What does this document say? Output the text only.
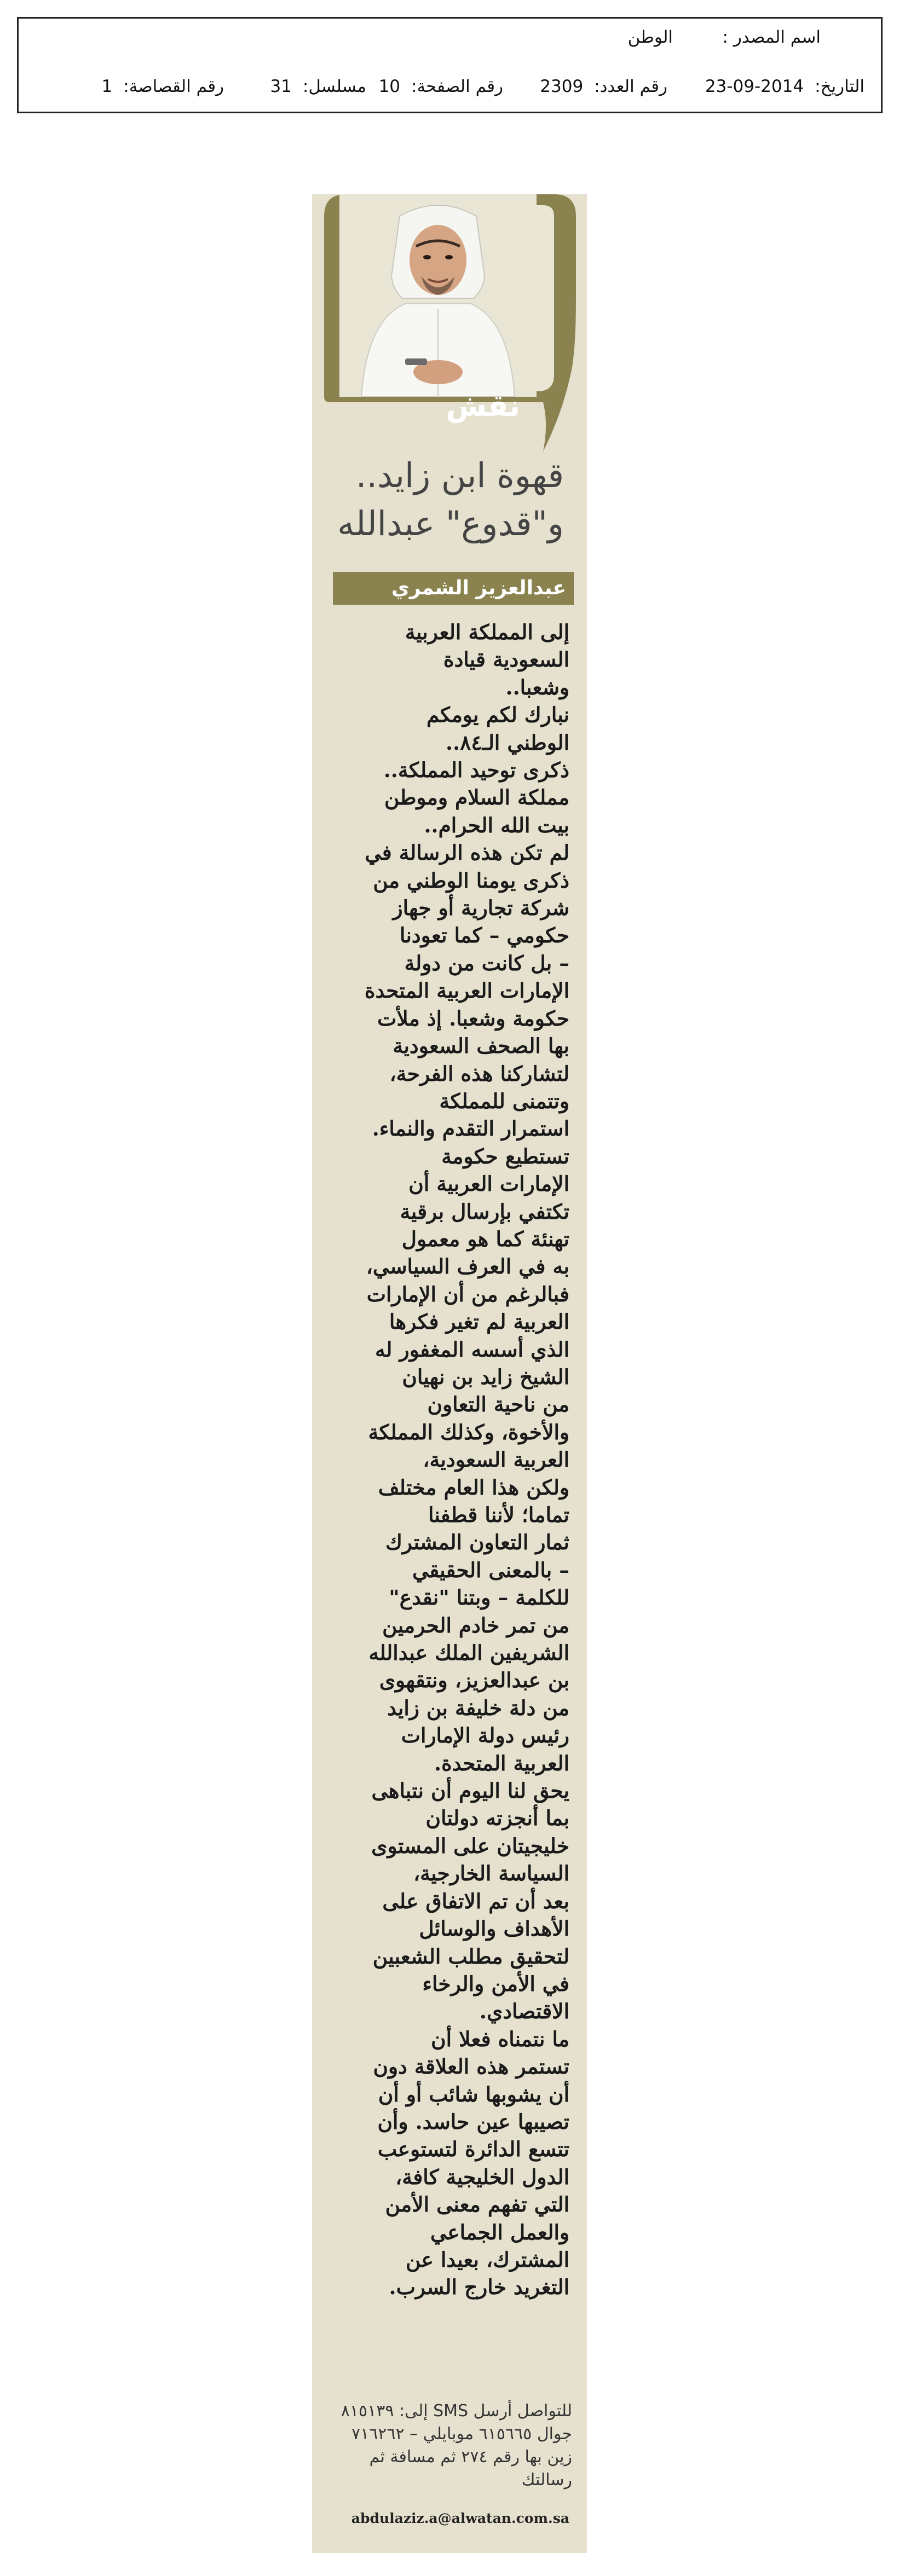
اسم المصدر :
الوطن
التاريخ:2014-09-23
رقم العدد:2309
رقم الصفحة:10
مسلسل:31
رقم القصاصة:1
نقش
قهوة ابن زايد..
و"قدوع" عبدالله
عبدالعزيز الشمري

إلى المملكة العربية

السعودية قيادة

وشعبا..

نبارك لكم يومكم

الوطني الـ٨٤..

ذكرى توحيد المملكة..

مملكة السلام وموطن

بيت الله الحرام..

لم تكن هذه الرسالة في

ذكرى يومنا الوطني من

شركة تجارية أو جهاز

حكومي – كما تعودنا

– بل كانت من دولة

الإمارات العربية المتحدة

حكومة وشعبا. إذ ملأت

بها الصحف السعودية

لتشاركنا هذه الفرحة،

وتتمنى للمملكة

استمرار التقدم والنماء.

تستطيع حكومة

الإمارات العربية أن

تكتفي بإرسال برقية

تهنئة كما هو معمول

به في العرف السياسي،

فبالرغم من أن الإمارات

العربية لم تغير فكرها

الذي أسسه المغفور له

الشيخ زايد بن نهيان

من ناحية التعاون

والأخوة، وكذلك المملكة

العربية السعودية،

ولكن هذا العام مختلف

تماما؛ لأننا قطفنا

ثمار التعاون المشترك

– بالمعنى الحقيقي

للكلمة – وبتنا "نقدع"

من تمر خادم الحرمين

الشريفين الملك عبدالله

بن عبدالعزيز، ونتقهوى

من دلة خليفة بن زايد

رئيس دولة الإمارات

العربية المتحدة.

يحق لنا اليوم أن نتباهى

بما أنجزته دولتان

خليجيتان على المستوى

السياسة الخارجية،

بعد أن تم الاتفاق على

الأهداف والوسائل

لتحقيق مطلب الشعبين

في الأمن والرخاء

الاقتصادي.

ما نتمناه فعلا أن

تستمر هذه العلاقة دون

أن يشوبها شائب أو أن

تصيبها عين حاسد. وأن

تتسع الدائرة لتستوعب

الدول الخليجية كافة،

التي تفهم معنى الأمن

والعمل الجماعي

المشترك، بعيدا عن

التغريد خارج السرب.

للتواصل أرسل SMS إلى: ٨١٥١٣٩
جوال ٦١٥٦٦٥ موبايلي – ٧١٦٢٦٢
زين بها رقم ٢٧٤ ثم مسافة ثم
رسالتك
abdulaziz.a@alwatan.com.sa
